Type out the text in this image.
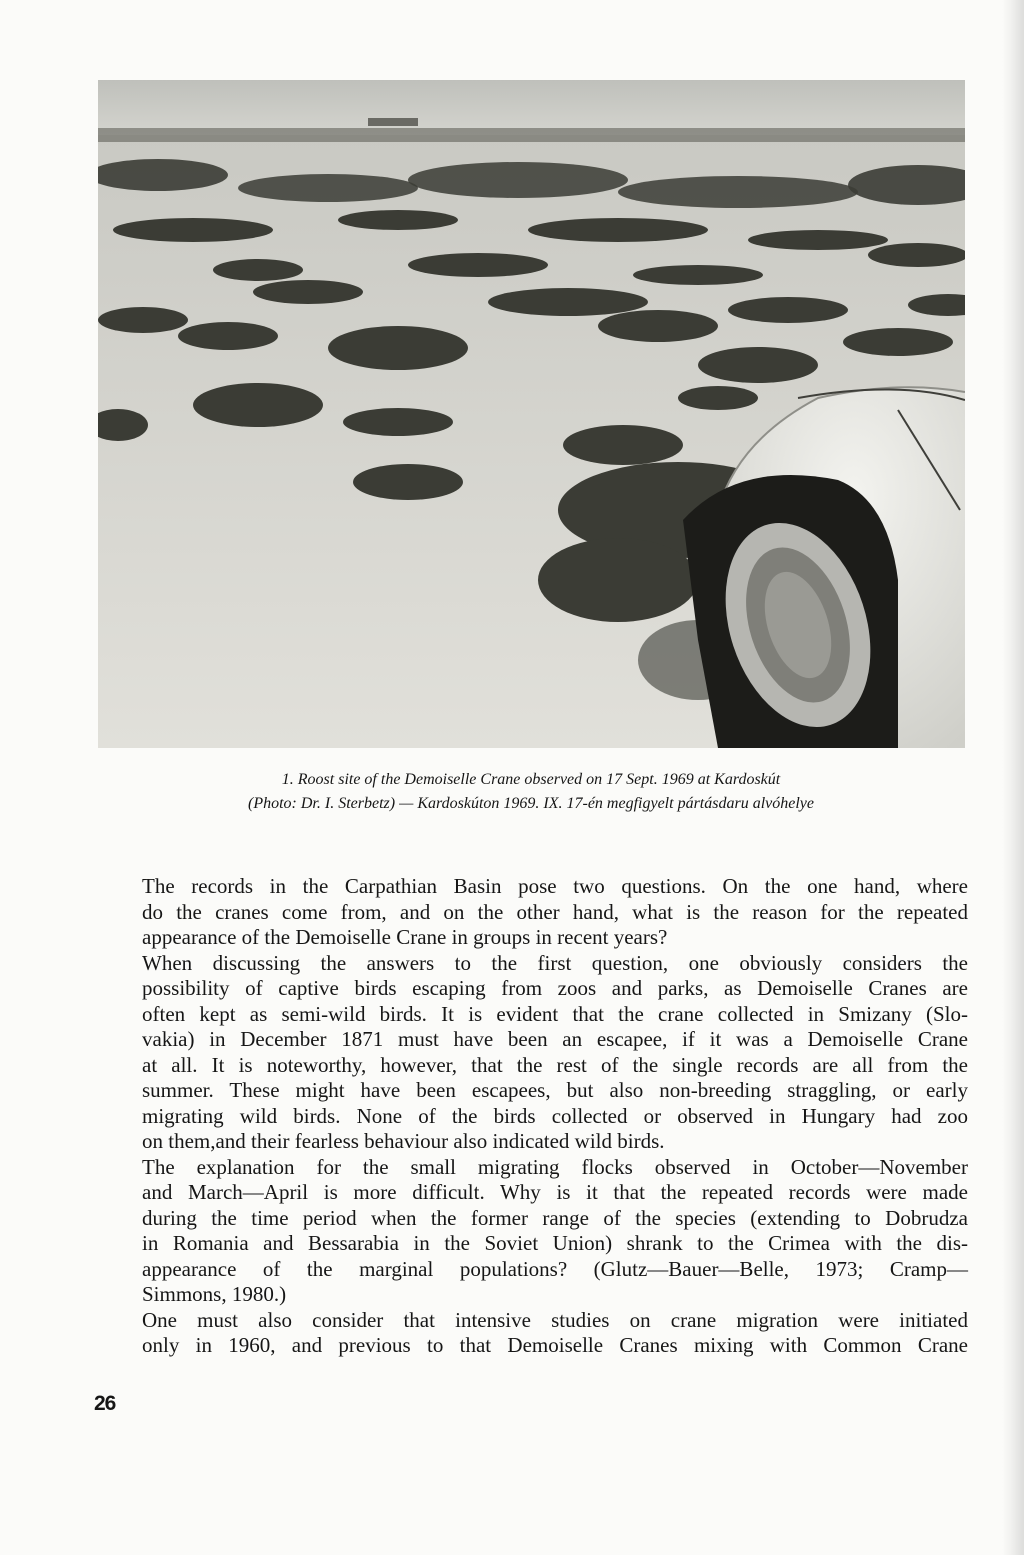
1. Roost site of the Demoiselle Crane observed on 17 Sept. 1969 at Kardoskút
(Photo: Dr. I. Sterbetz) — Kardoskúton 1969. IX. 17-én megfigyelt pártásdaru alvóhelye

The records in the Carpathian Basin pose two questions. On the one hand, where
do the cranes come from, and on the other hand, what is the reason for the repeated
appearance of the Demoiselle Crane in groups in recent years?

When discussing the answers to the first question, one obviously considers the
possibility of captive birds escaping from zoos and parks, as Demoiselle Cranes are
often kept as semi-wild birds. It is evident that the crane collected in Smizany (Slo-
vakia) in December 1871 must have been an escapee, if it was a Demoiselle Crane
at all. It is noteworthy, however, that the rest of the single records are all from the
summer. These might have been escapees, but also non-breeding straggling, or early
migrating wild birds. None of the birds collected or observed in Hungary had zoo
on them,and their fearless behaviour also indicated wild birds.

The explanation for the small migrating flocks observed in October—November
and March—April is more difficult. Why is it that the repeated records were made
during the time period when the former range of the species (extending to Dobrudza
in Romania and Bessarabia in the Soviet Union) shrank to the Crimea with the dis-
appearance of the marginal populations? (Glutz—Bauer—Belle, 1973; Cramp—
Simmons, 1980.)

One must also consider that intensive studies on crane migration were initiated
only in 1960, and previous to that Demoiselle Cranes mixing with Common Crane

26
